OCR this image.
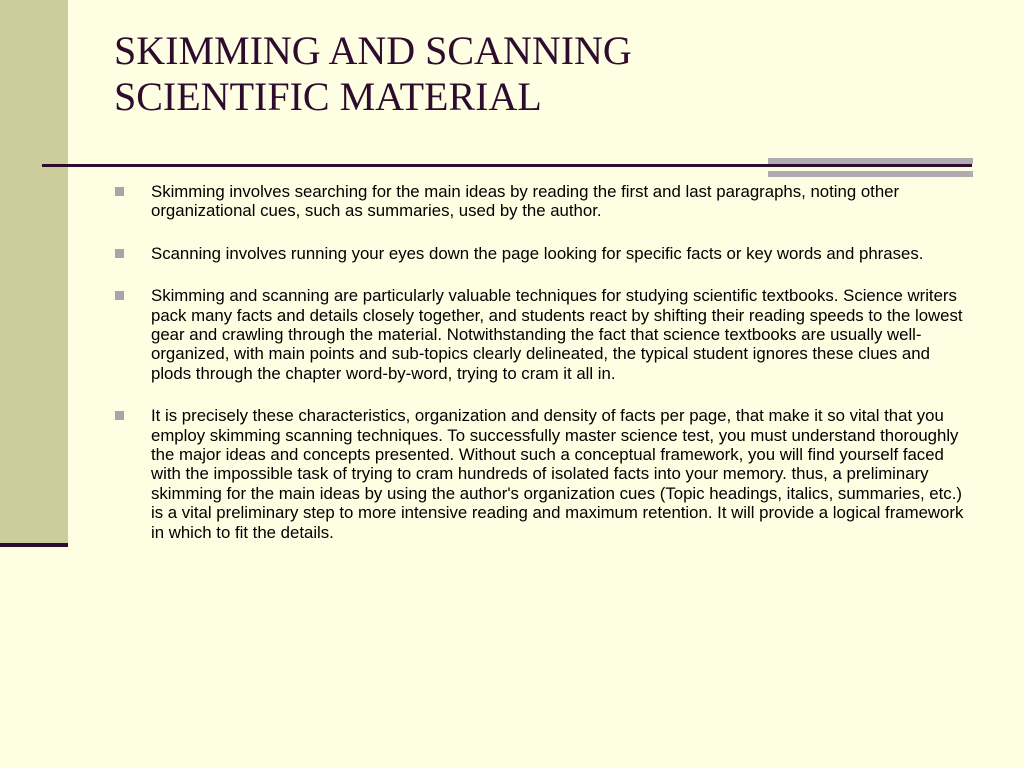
SKIMMING AND SCANNING
SCIENTIFIC MATERIAL
Skimming involves searching for the main ideas by reading the first and last paragraphs, noting other organizational cues, such as summaries, used by the author.
Scanning involves running your eyes down the page looking for specific facts or key words and phrases.
Skimming and scanning are particularly valuable techniques for studying scientific textbooks. Science writers pack many facts and details closely together, and students react by shifting their reading speeds to the lowest gear and crawling through the material. Notwithstanding the fact that science textbooks are usually well-organized, with main points and sub-topics clearly delineated, the typical student ignores these clues and plods through the chapter word-by-word, trying to cram it all in.
It is precisely these characteristics, organization and density of facts per page, that make it so vital that you employ skimming scanning techniques. To successfully master science test, you must understand thoroughly the major ideas and concepts presented. Without such a conceptual framework, you will find yourself faced with the impossible task of trying to cram hundreds of isolated facts into your memory. thus, a preliminary skimming for the main ideas by using the author's organization cues (Topic headings, italics, summaries, etc.) is a vital preliminary step to more intensive reading and maximum retention. It will provide a logical framework in which to fit the details.
